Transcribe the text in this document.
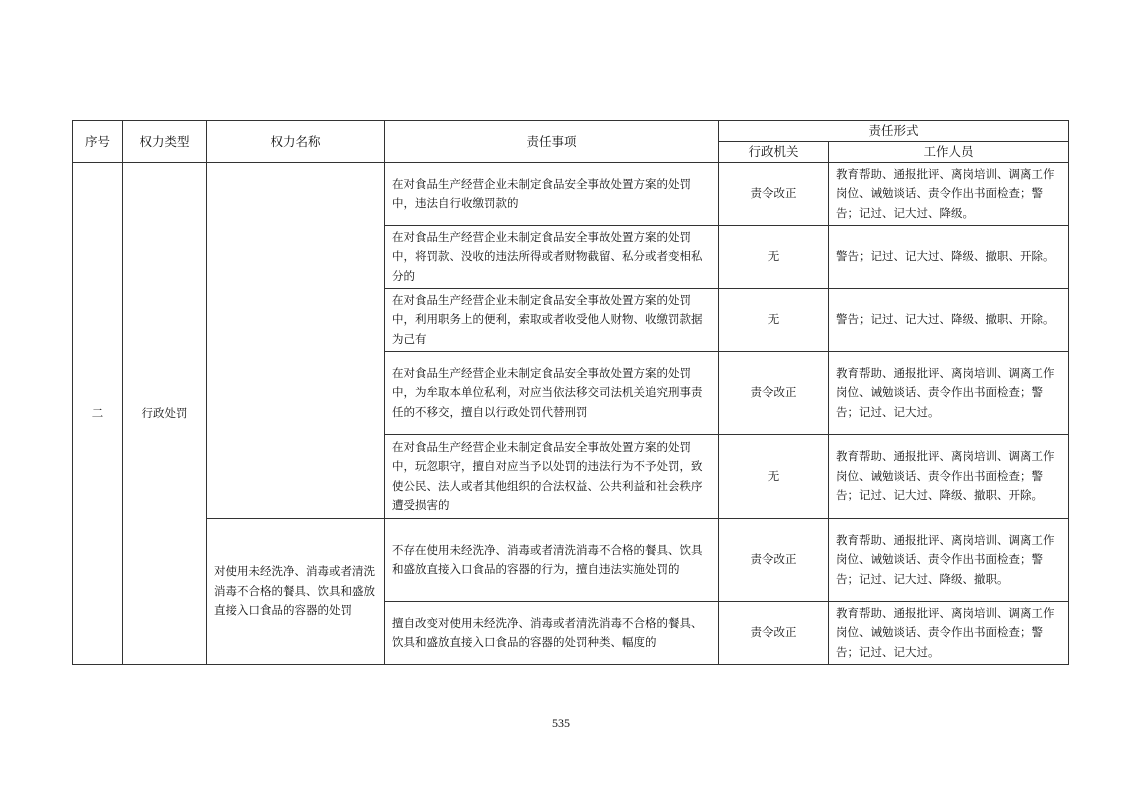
序号	权力类型	权力名称	责任事项	责任形式	
				行政机关	工作人员
二	行政处罚		在对食品生产经营企业未制定食品安全事故处置方案的处罚中，违法自行收缴罚款的	责令改正	教育帮助、通报批评、离岗培训、调离工作岗位、诫勉谈话、责令作出书面检查；警告；记过、记大过、降级。
			在对食品生产经营企业未制定食品安全事故处置方案的处罚中，将罚款、没收的违法所得或者财物截留、私分或者变相私分的	无	警告；记过、记大过、降级、撤职、开除。
			在对食品生产经营企业未制定食品安全事故处置方案的处罚中，利用职务上的便利，索取或者收受他人财物、收缴罚款据为己有	无	警告；记过、记大过、降级、撤职、开除。
			在对食品生产经营企业未制定食品安全事故处置方案的处罚中，为牟取本单位私利，对应当依法移交司法机关追究刑事责任的不移交，擅自以行政处罚代替刑罚	责令改正	教育帮助、通报批评、离岗培训、调离工作岗位、诫勉谈话、责令作出书面检查；警告；记过、记大过。
			在对食品生产经营企业未制定食品安全事故处置方案的处罚中，玩忽职守，擅自对应当予以处罚的违法行为不予处罚，致使公民、法人或者其他组织的合法权益、公共利益和社会秩序遭受损害的	无	教育帮助、通报批评、离岗培训、调离工作岗位、诫勉谈话、责令作出书面检查；警告；记过、记大过、降级、撤职、开除。
		对使用未经洗净、消毒或者清洗消毒不合格的餐具、饮具和盛放直接入口食品的容器的处罚	不存在使用未经洗净、消毒或者清洗消毒不合格的餐具、饮具和盛放直接入口食品的容器的行为，擅自违法实施处罚的	责令改正	教育帮助、通报批评、离岗培训、调离工作岗位、诫勉谈话、责令作出书面检查；警告；记过、记大过、降级、撤职。
			擅自改变对使用未经洗净、消毒或者清洗消毒不合格的餐具、饮具和盛放直接入口食品的容器的处罚种类、幅度的	责令改正	教育帮助、通报批评、离岗培训、调离工作岗位、诫勉谈话、责令作出书面检查；警告；记过、记大过。
535
